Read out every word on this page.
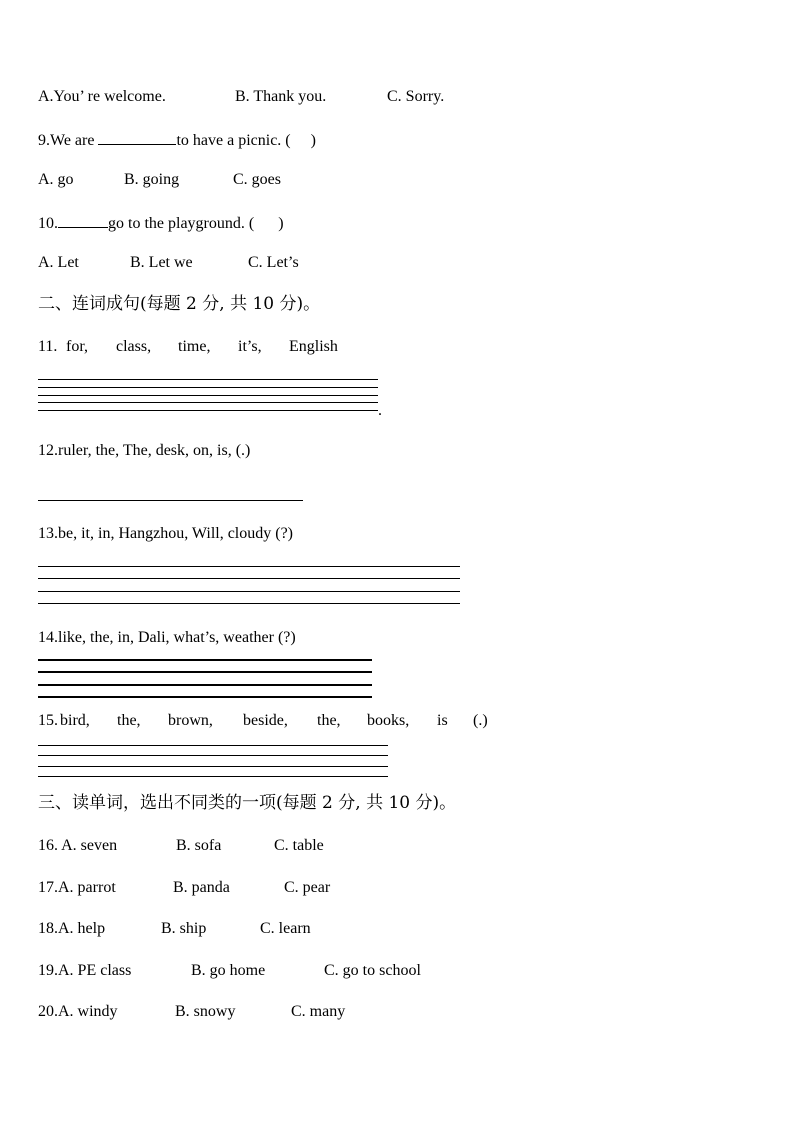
A.You’ re welcome.	B. Thank you.	C. Sorry.
9.We are	to have a picnic. (     )
A. go	B. going	C. goes
10.	go to the playground. (      )
A. Let	B. Let we	C. Let’s
二、连词成句(每题 2 分, 共 10 分)。
11. for, class, time, it’s, English
.
12.ruler, the, The, desk, on, is, (.)
13.be, it, in, Hangzhou, Will, cloudy (?)
14.like, the, in, Dali, what’s, weather (?)
15. bird, the, brown, beside, the, books, is (.)
三、读单词，选出不同类的一项(每题 2 分, 共 10 分)。
16. A. seven	B. sofa	C. table
17.A. parrot	B. panda	C. pear
18.A. help	B. ship	C. learn
19.A. PE class	B. go home	C. go to school
20.A. windy	B. snowy	C. many
